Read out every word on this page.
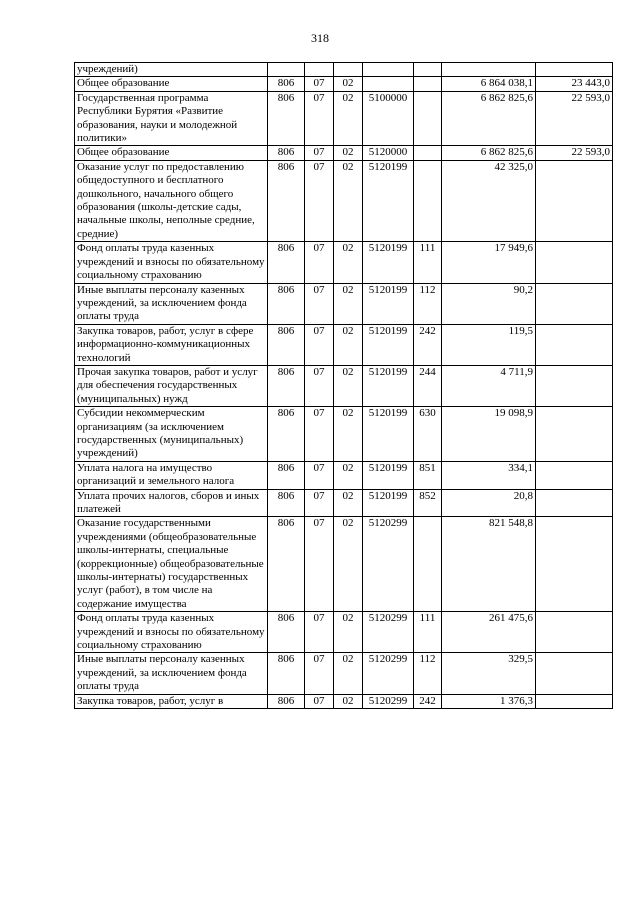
318
учреждений)							
Общее образование	806	07	02			6 864 038,1	23 443,0
Государственная программа Республики Бурятия «Развитие образования, науки и молодежной политики»	806	07	02	5100000		6 862 825,6	22 593,0
Общее образование	806	07	02	5120000		6 862 825,6	22 593,0
Оказание услуг по предоставлению общедоступного и бесплатного дошкольного, начального общего образования (школы-детские сады, начальные школы, неполные средние, средние)	806	07	02	5120199		42 325,0	
Фонд оплаты труда казенных учреждений и взносы по обязательному социальному страхованию	806	07	02	5120199	111	17 949,6	
Иные выплаты персоналу казенных учреждений, за исключением фонда оплаты труда	806	07	02	5120199	112	90,2	
Закупка товаров, работ, услуг в сфере информационно-коммуникационных технологий	806	07	02	5120199	242	119,5	
Прочая закупка товаров, работ и услуг для обеспечения государственных (муниципальных) нужд	806	07	02	5120199	244	4 711,9	
Субсидии некоммерческим организациям (за исключением государственных (муниципальных) учреждений)	806	07	02	5120199	630	19 098,9	
Уплата налога на имущество организаций и земельного налога	806	07	02	5120199	851	334,1	
Уплата прочих налогов, сборов и иных платежей	806	07	02	5120199	852	20,8	
Оказание государственными учреждениями (общеобразовательные школы-интернаты, специальные (коррекционные) общеобразовательные школы-интернаты) государственных услуг (работ), в том числе на содержание имущества	806	07	02	5120299		821 548,8	
Фонд оплаты труда казенных учреждений и взносы по обязательному социальному страхованию	806	07	02	5120299	111	261 475,6	
Иные выплаты персоналу казенных учреждений, за исключением фонда оплаты труда	806	07	02	5120299	112	329,5	
Закупка товаров, работ, услуг в	806	07	02	5120299	242	1 376,3	
